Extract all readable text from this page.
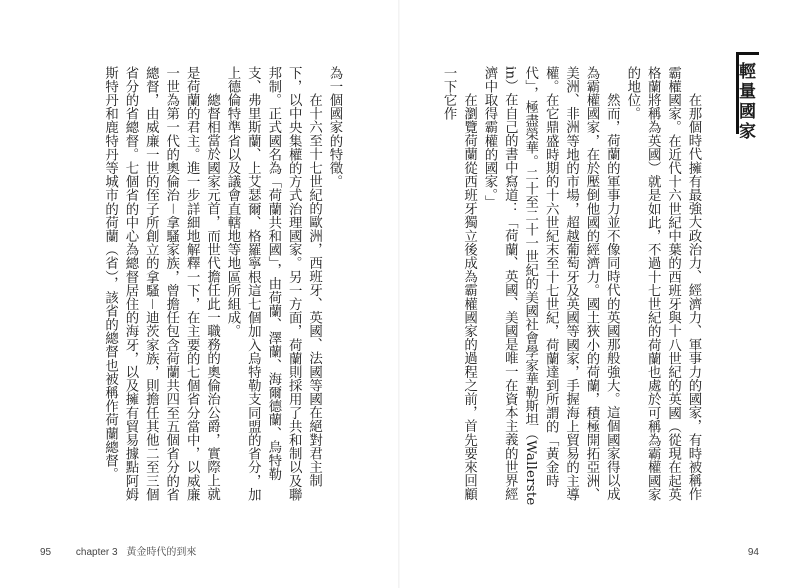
為一個國家的特徵。

在十六至十七世紀的歐洲，西班牙、英國、法國等國在絕對君主制下，以中央集權的方式治理國家。另一方面，荷蘭則採用了共和制以及聯邦制。正式國名為「荷蘭共和國」，由荷蘭、澤蘭、海爾德蘭、烏特勒支、弗里斯蘭、上艾瑟爾、格羅寧根這七個加入烏特勒支同盟的省分，加上德倫特準省以及議會直轄地等地區所組成。

總督相當於國家元首，而世代擔任此一職務的奧倫治公爵，實際上就是荷蘭的君主。進一步詳細地解釋一下，在主要的七個省分當中，以威廉一世為第一代的奧倫治－拿騷家族，曾擔任包含荷蘭共四至五個省分的省總督，由威廉一世的侄子所創立的拿騷－迪茨家族，則擔任其他二至三個省分的省總督。七個省的中心為總督居住的海牙，以及擁有貿易據點阿姆斯特丹和鹿特丹等城市的荷蘭（省），該省的總督也被稱作荷蘭總督。

95 chapter 3 黃金時代的到來
輕量國家

在那個時代擁有最強大政治力、經濟力、軍事力的國家，有時被稱作霸權國家。在近代十六世紀中葉的西班牙與十八世紀的英國（從現在起英格蘭將稱為英國）就是如此，不過十七世紀的荷蘭也處於可稱為霸權國家的地位。

然而，荷蘭的軍事力並不像同時代的英國那般強大。這個國家得以成為霸權國家，在於壓倒他國的經濟力。國土狹小的荷蘭，積極開拓亞洲、美洲、非洲等地的市場，超越葡萄牙及英國等國家，手握海上貿易的主導權。在它鼎盛時期的十六世紀末至十七世紀，荷蘭達到所謂的「黃金時代」，極盡榮華。二十至二十一世紀的美國社會學家華勒斯坦（Wallerstein）在自己的書中寫道：「荷蘭、英國、美國是唯一在資本主義的世界經濟中取得霸權的國家。」

在瀏覽荷蘭從西班牙獨立後成為霸權國家的過程之前，首先要來回顧一下它作

94
